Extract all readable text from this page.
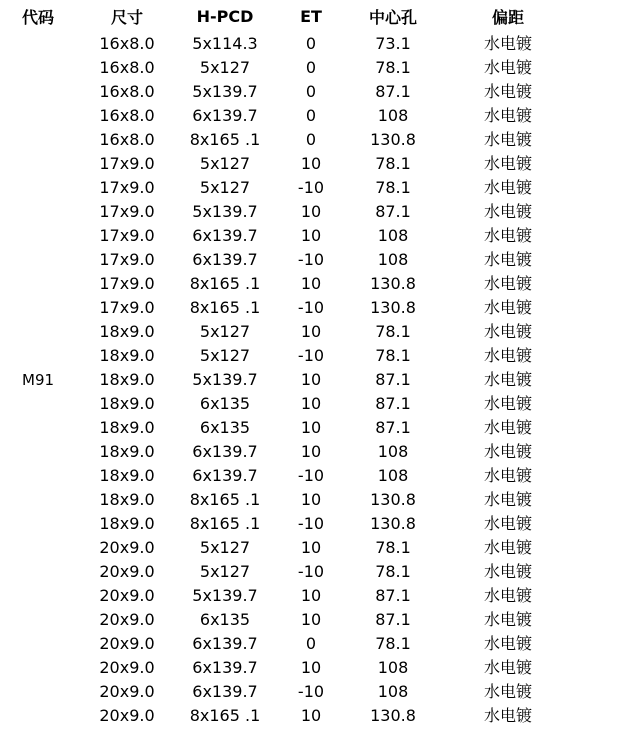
代码	尺寸	H-PCD	ET	中心孔	偏距	
	16x8.0	5x114.3	0	73.1	水电镀	
	16x8.0	5x127	0	78.1	水电镀	
	16x8.0	5x139.7	0	87.1	水电镀	
	16x8.0	6x139.7	0	108	水电镀	
	16x8.0	8x165 .1	0	130.8	水电镀	
	17x9.0	5x127	10	78.1	水电镀	
	17x9.0	5x127	-10	78.1	水电镀	
	17x9.0	5x139.7	10	87.1	水电镀	
	17x9.0	6x139.7	10	108	水电镀	
	17x9.0	6x139.7	-10	108	水电镀	
	17x9.0	8x165 .1	10	130.8	水电镀	
	17x9.0	8x165 .1	-10	130.8	水电镀	
	18x9.0	5x127	10	78.1	水电镀	
	18x9.0	5x127	-10	78.1	水电镀	
M91	18x9.0	5x139.7	10	87.1	水电镀	
	18x9.0	6x135	10	87.1	水电镀	
	18x9.0	6x135	10	87.1	水电镀	
	18x9.0	6x139.7	10	108	水电镀	
	18x9.0	6x139.7	-10	108	水电镀	
	18x9.0	8x165 .1	10	130.8	水电镀	
	18x9.0	8x165 .1	-10	130.8	水电镀	
	20x9.0	5x127	10	78.1	水电镀	
	20x9.0	5x127	-10	78.1	水电镀	
	20x9.0	5x139.7	10	87.1	水电镀	
	20x9.0	6x135	10	87.1	水电镀	
	20x9.0	6x139.7	0	78.1	水电镀	
	20x9.0	6x139.7	10	108	水电镀	
	20x9.0	6x139.7	-10	108	水电镀	
	20x9.0	8x165 .1	10	130.8	水电镀	
